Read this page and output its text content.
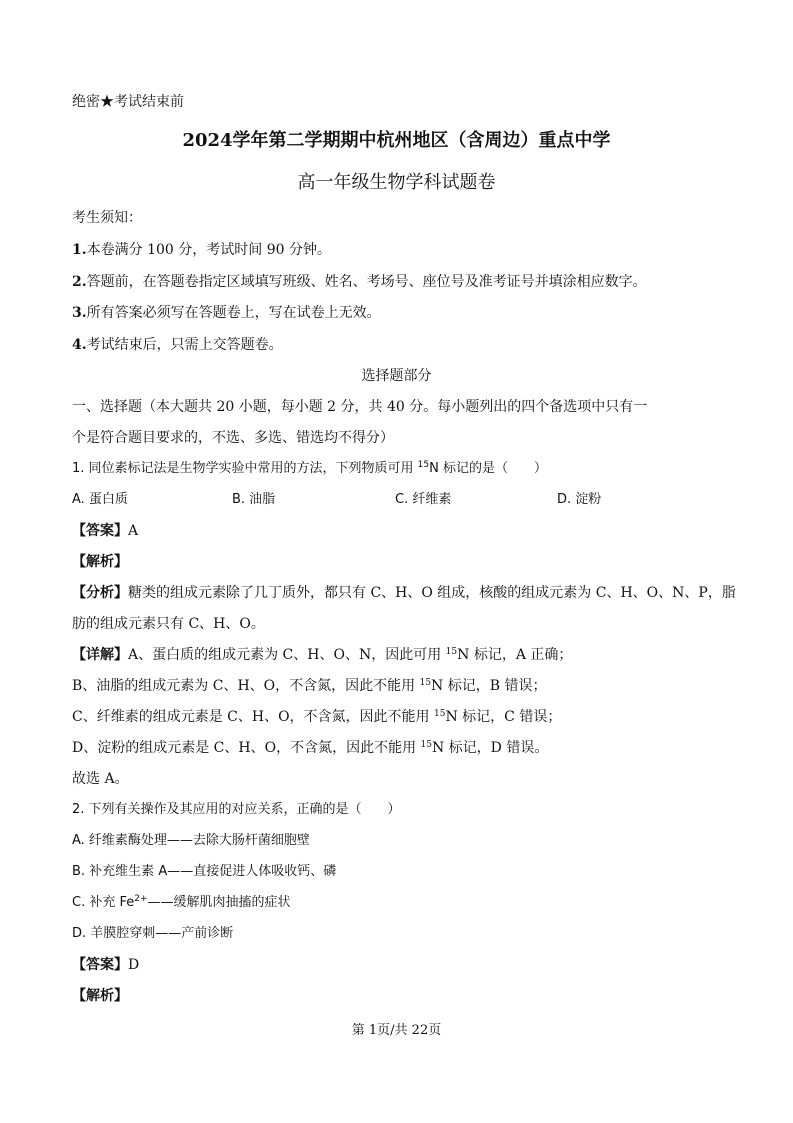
绝密★考试结束前
2024学年第二学期期中杭州地区（含周边）重点中学
高一年级生物学科试题卷
考生须知：
1.本卷满分 100 分，考试时间 90 分钟。
2.答题前，在答题卷指定区域填写班级、姓名、考场号、座位号及准考证号并填涂相应数字。
3.所有答案必须写在答题卷上，写在试卷上无效。
4.考试结束后，只需上交答题卷。
选择题部分
一、选择题（本大题共 20 小题，每小题 2 分，共 40 分。每小题列出的四个备选项中只有一
个是符合题目要求的，不选、多选、错选均不得分）
1. 同位素标记法是生物学实验中常用的方法，下列物质可用 $^{15}$N 标记的是（　　）
A. 蛋白质	B. 油脂	C. 纤维素	D. 淀粉
【答案】A
【解析】
【分析】糖类的组成元素除了几丁质外，都只有 C、H、O 组成，核酸的组成元素为 C、H、O、N、P，脂
肪的组成元素只有 C、H、O。
【详解】A、蛋白质的组成元素为 C、H、O、N，因此可用 $^{15}$N 标记，A 正确；
B、油脂的组成元素为 C、H、O，不含氮，因此不能用 $^{15}$N 标记，B 错误；
C、纤维素的组成元素是 C、H、O，不含氮，因此不能用 $^{15}$N 标记，C 错误；
D、淀粉的组成元素是 C、H、O，不含氮，因此不能用 $^{15}$N 标记，D 错误。
故选 A。
2. 下列有关操作及其应用的对应关系，正确的是（　　）
A. 纤维素酶处理——去除大肠杆菌细胞壁
B. 补充维生素 A——直接促进人体吸收钙、磷
C. 补充 $Fe^{2+}——$缓解肌肉抽搐的症状
D. 羊膜腔穿刺——产前诊断
【答案】D
【解析】
第 1页/共 22页
